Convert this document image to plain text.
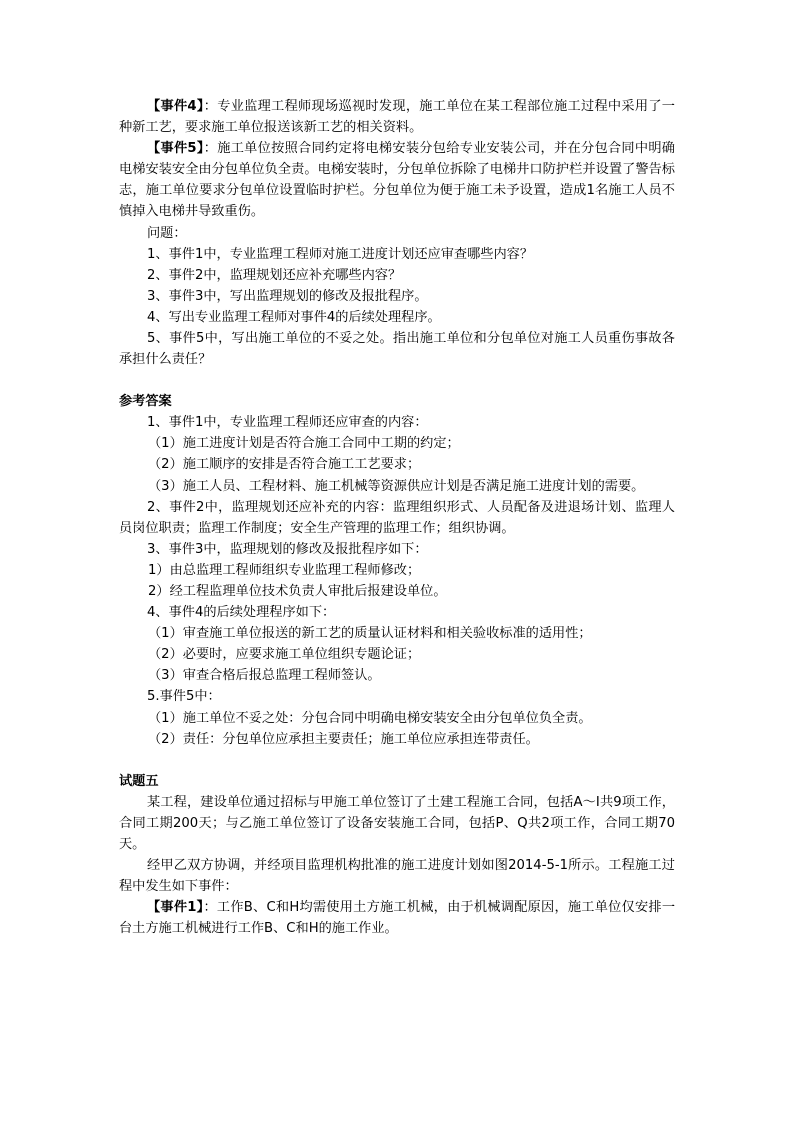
【事件4】：专业监理工程师现场巡视时发现，施工单位在某工程部位施工过程中采用了一种新工艺，要求施工单位报送该新工艺的相关资料。

【事件5】：施工单位按照合同约定将电梯安装分包给专业安装公司，并在分包合同中明确电梯安装安全由分包单位负全责。电梯安装时，分包单位拆除了电梯井口防护栏并设置了警告标志，施工单位要求分包单位设置临时护栏。分包单位为便于施工未予设置，造成1名施工人员不慎掉入电梯井导致重伤。

问题：

1、事件1中，专业监理工程师对施工进度计划还应审查哪些内容？

2、事件2中，监理规划还应补充哪些内容？

3、事件3中，写出监理规划的修改及报批程序。

4、写出专业监理工程师对事件4的后续处理程序。

5、事件5中，写出施工单位的不妥之处。指出施工单位和分包单位对施工人员重伤事故各承担什么责任？

参考答案

1、事件1中，专业监理工程师还应审查的内容：

（1）施工进度计划是否符合施工合同中工期的约定；

（2）施工顺序的安排是否符合施工工艺要求；

（3）施工人员、工程材料、施工机械等资源供应计划是否满足施工进度计划的需要。

2、事件2中，监理规划还应补充的内容：监理组织形式、人员配备及进退场计划、监理人员岗位职责；监理工作制度；安全生产管理的监理工作；组织协调。

3、事件3中，监理规划的修改及报批程序如下：

1）由总监理工程师组织专业监理工程师修改；

2）经工程监理单位技术负责人审批后报建设单位。

4、事件4的后续处理程序如下：

（1）审查施工单位报送的新工艺的质量认证材料和相关验收标准的适用性；

（2）必要时，应要求施工单位组织专题论证；

（3）审查合格后报总监理工程师签认。

5.事件5中：

（1）施工单位不妥之处：分包合同中明确电梯安装安全由分包单位负全责。

（2）责任：分包单位应承担主要责任；施工单位应承担连带责任。

试题五

某工程，建设单位通过招标与甲施工单位签订了土建工程施工合同，包括A～I共9项工作，合同工期200天；与乙施工单位签订了设备安装施工合同，包括P、Q共2项工作，合同工期70天。

经甲乙双方协调，并经项目监理机构批准的施工进度计划如图2014-5-1所示。工程施工过程中发生如下事件：

【事件1】：工作B、C和H均需使用土方施工机械，由于机械调配原因，施工单位仅安排一台土方施工机械进行工作B、C和H的施工作业。
